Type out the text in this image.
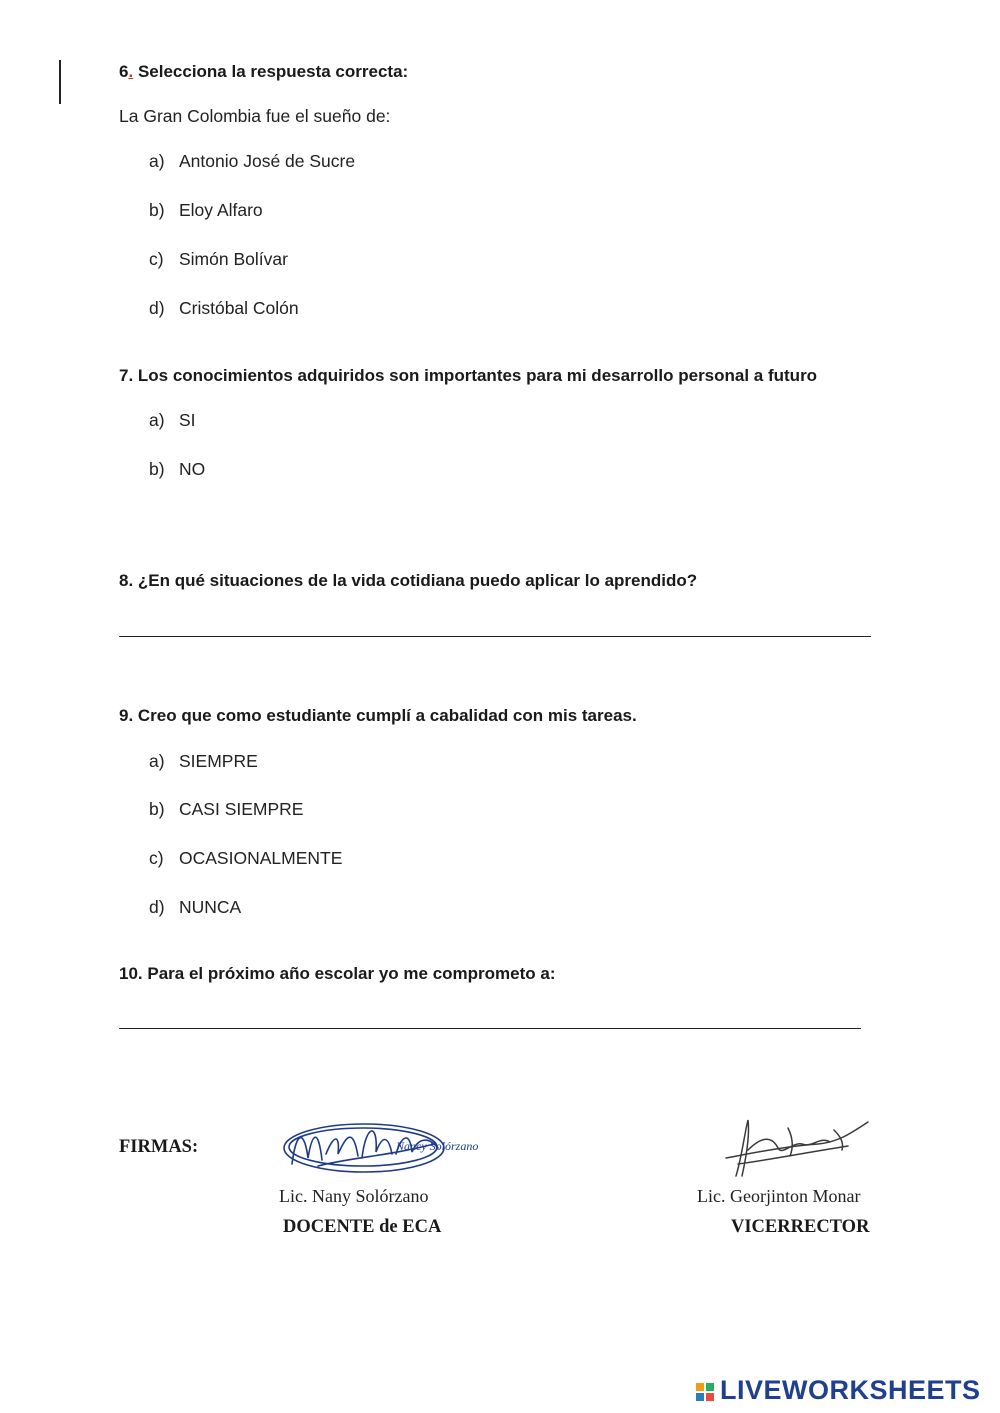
6. Selecciona la respuesta correcta:
La Gran Colombia fue el sueño de:
a) Antonio José de Sucre
b) Eloy Alfaro
c) Simón Bolívar
d) Cristóbal Colón
7. Los conocimientos adquiridos son importantes para mi desarrollo personal a futuro
a) SI
b) NO
8. ¿En qué situaciones de la vida cotidiana puedo aplicar lo aprendido?
9. Creo que como estudiante cumplí a cabalidad con mis tareas.
a) SIEMPRE
b) CASI SIEMPRE
c) OCASIONALMENTE
d) NUNCA
10. Para el próximo año escolar yo me comprometo a:
FIRMAS:	Nancy Solórzano
Lic. Nany Solórzano
DOCENTE de ECA
Lic. Georjinton Monar
VICERRECTOR
LIVEWORKSHEETS
